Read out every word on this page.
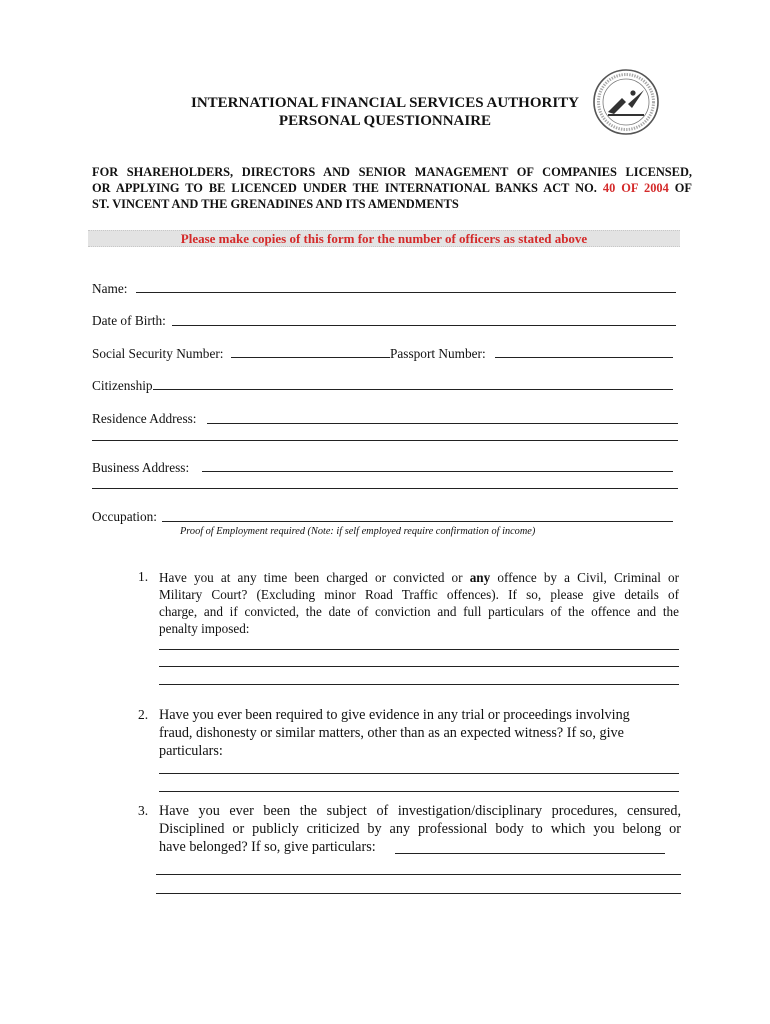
INTERNATIONAL FINANCIAL SERVICES AUTHORITY
PERSONAL QUESTIONNAIRE
FOR SHAREHOLDERS, DIRECTORS AND SENIOR MANAGEMENT OF COMPANIES LICENSED,
OR APPLYING TO BE LICENCED UNDER THE INTERNATIONAL BANKS ACT NO. 40 OF 2004 OF
ST. VINCENT AND THE GRENADINES AND ITS AMENDMENTS
Please make copies of this form for the number of officers as stated above
Name:
Date of Birth:
Social Security Number:	Passport Number:
Citizenship
Residence Address:
Business Address:
Occupation:
Proof of Employment required (Note: if self employed require confirmation of income)
1. Have you at any time been charged or convicted or any offence by a Civil, Criminal or
Military Court? (Excluding minor Road Traffic offences). If so, please give details of
charge, and if convicted, the date of conviction and full particulars of the offence and the
penalty imposed:
2. Have you ever been required to give evidence in any trial or proceedings involving
fraud, dishonesty or similar matters, other than as an expected witness? If so, give
particulars:
3. Have you ever been the subject of investigation/disciplinary procedures, censured,
Disciplined or publicly criticized by any professional body to which you belong or
have belonged? If so, give particulars:
